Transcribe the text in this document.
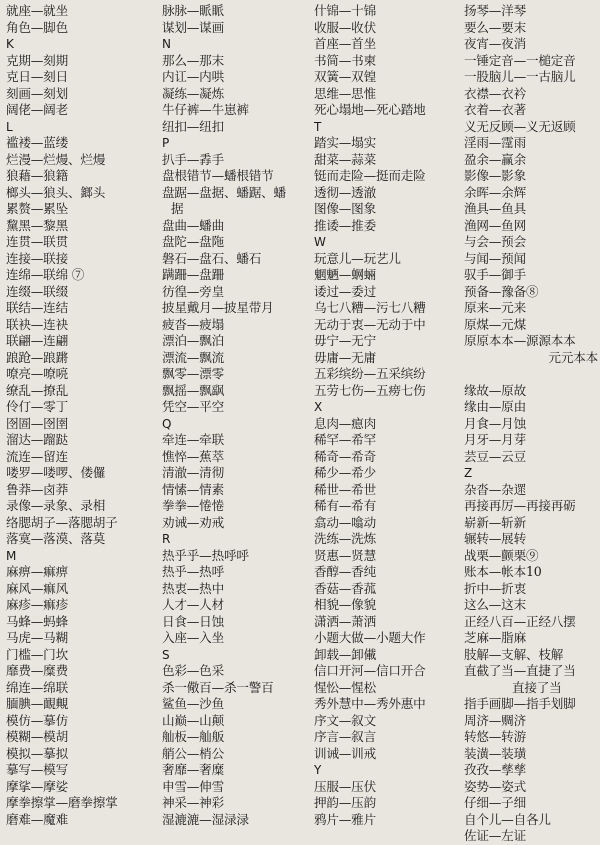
就座—就坐
角色—脚色
K
克期—刻期
克日—刻日
刻画—刻划
阔佬—阔老
L
褴褛—蓝缕
烂漫—烂熳、烂熳
狼藉—狼籍
榔头—狼头、鎯头
累赘—累坠
黧黑—黎黑
连贯—联贯
连接—联接
连绵—联绵 ⑦
连缀—联缀
联结—连结
联袂—连袂
联翩—连翩
踉跄—踉蹡
嘹亮—嘹喨
缭乱—撩乱
伶仃—零丁
囹圄—囹圉
溜达—蹓跶
流连—留连
喽罗—喽啰、偻儸
鲁莽—卤莽
录像—录象、录相
络腮胡子—落腮胡子
落寞—落漠、落莫
M
麻痹—痲痹
麻风—痲风
麻疹—痲疹
马蜂—蚂蜂
马虎—马糊
门槛—门坎
靡费—糜费
绵连—绵联
腼腆—靦覥
模仿—摹仿
模糊—模胡
模拟—摹拟
摹写—模写
摩挲—摩娑
摩拳擦掌—磨拳擦掌
磨难—魔难
脉脉—眽眽
谋划—谋画
N
那么—那末
内讧—内哄
凝练—凝炼
牛仔裤—牛崽裤
纽扣—纽扣
P
扒手—掱手
盘根错节—蟠根错节
盘踞—盘据、蟠踞、蟠
据
盘曲—蟠曲
盘陀—盘陁
磐石—盘石、蟠石
蹒跚—盘跚
彷徨—旁皇
披星戴月—披星带月
疲沓—疲塌
漂泊—飘泊
漂流—飘流
飘零—漂零
飘摇—飘飖
凭空—平空
Q
牵连—牵联
憔悴—蕉萃
清澈—清彻
情愫—情素
拳拳—惓惓
劝诫—劝戒
R
热乎乎—热呼呼
热乎—热呼
热衷—热中
人才—人材
日食—日蚀
入座—入坐
S
色彩—色采
杀一儆百—杀一警百
鲨鱼—沙鱼
山巅—山颠
舢板—舢舨
艄公—梢公
奢靡—奢糜
申雪—伸雪
神采—神彩
湿漉漉—湿渌渌
什锦—十锦
收服—收伏
首座—首坐
书简—书柬
双簧—双锽
思维—思惟
死心塌地—死心踏地
T
踏实—塌实
甜菜—蒜菜
铤而走险—挺而走险
透彻—透澈
图像—图象
推诿—推委
W
玩意儿—玩艺儿
魍魉—蛧蜽
诿过—委过
乌七八糟—污七八糟
无动于衷—无动于中
毋宁—无宁
毋庸—无庸
五彩缤纷—五采缤纷
五劳七伤—五痨七伤
X
息肉—瘜肉
稀罕—希罕
稀奇—希奇
稀少—希少
稀世—希世
稀有—希有
翕动—噏动
洗练—洗炼
贤惠—贤慧
香醇—香纯
香菇—香菰
相貌—像貌
潇洒—萧洒
小题大做—小题大作
卸载—卸儎
信口开河—信口开合
惺忪—惺松
秀外慧中—秀外惠中
序文—叙文
序言—叙言
训诫—训戒
Y
压服—压伏
押韵—压韵
鸦片—雅片
扬琴—洋琴
要么—要末
夜宵—夜消
一锤定音—一槌定音
一股脑儿—一古脑儿
衣襟—衣衿
衣着—衣著
义无反顾—义无返顾
淫雨—霪雨
盈余—赢余
影像—影象
余晖—余辉
渔具—鱼具
渔网—鱼网
与会—预会
与闻—预闻
驭手—御手
预备—豫备⑧
原来—元来
原煤—元煤
原原本本—源源本本
元元本本
缘故—原故
缘由—原由
月食—月蚀
月牙—月芽
芸豆—云豆
Z
杂沓—杂遝
再接再厉—再接再砺
崭新—斩新
辗转—展转
战栗—颤栗⑨
账本—帐本10
折中—折衷
这么—这末
正经八百—正经八摆
芝麻—脂麻
肢解—支解、枝解
直截了当—直捷了当
直接了当
指手画脚—指手划脚
周济—赒济
转悠—转游
装潢—装璜
孜孜—孳孳
姿势—姿式
仔细—子细
自个儿—自各儿
佐证—左证
